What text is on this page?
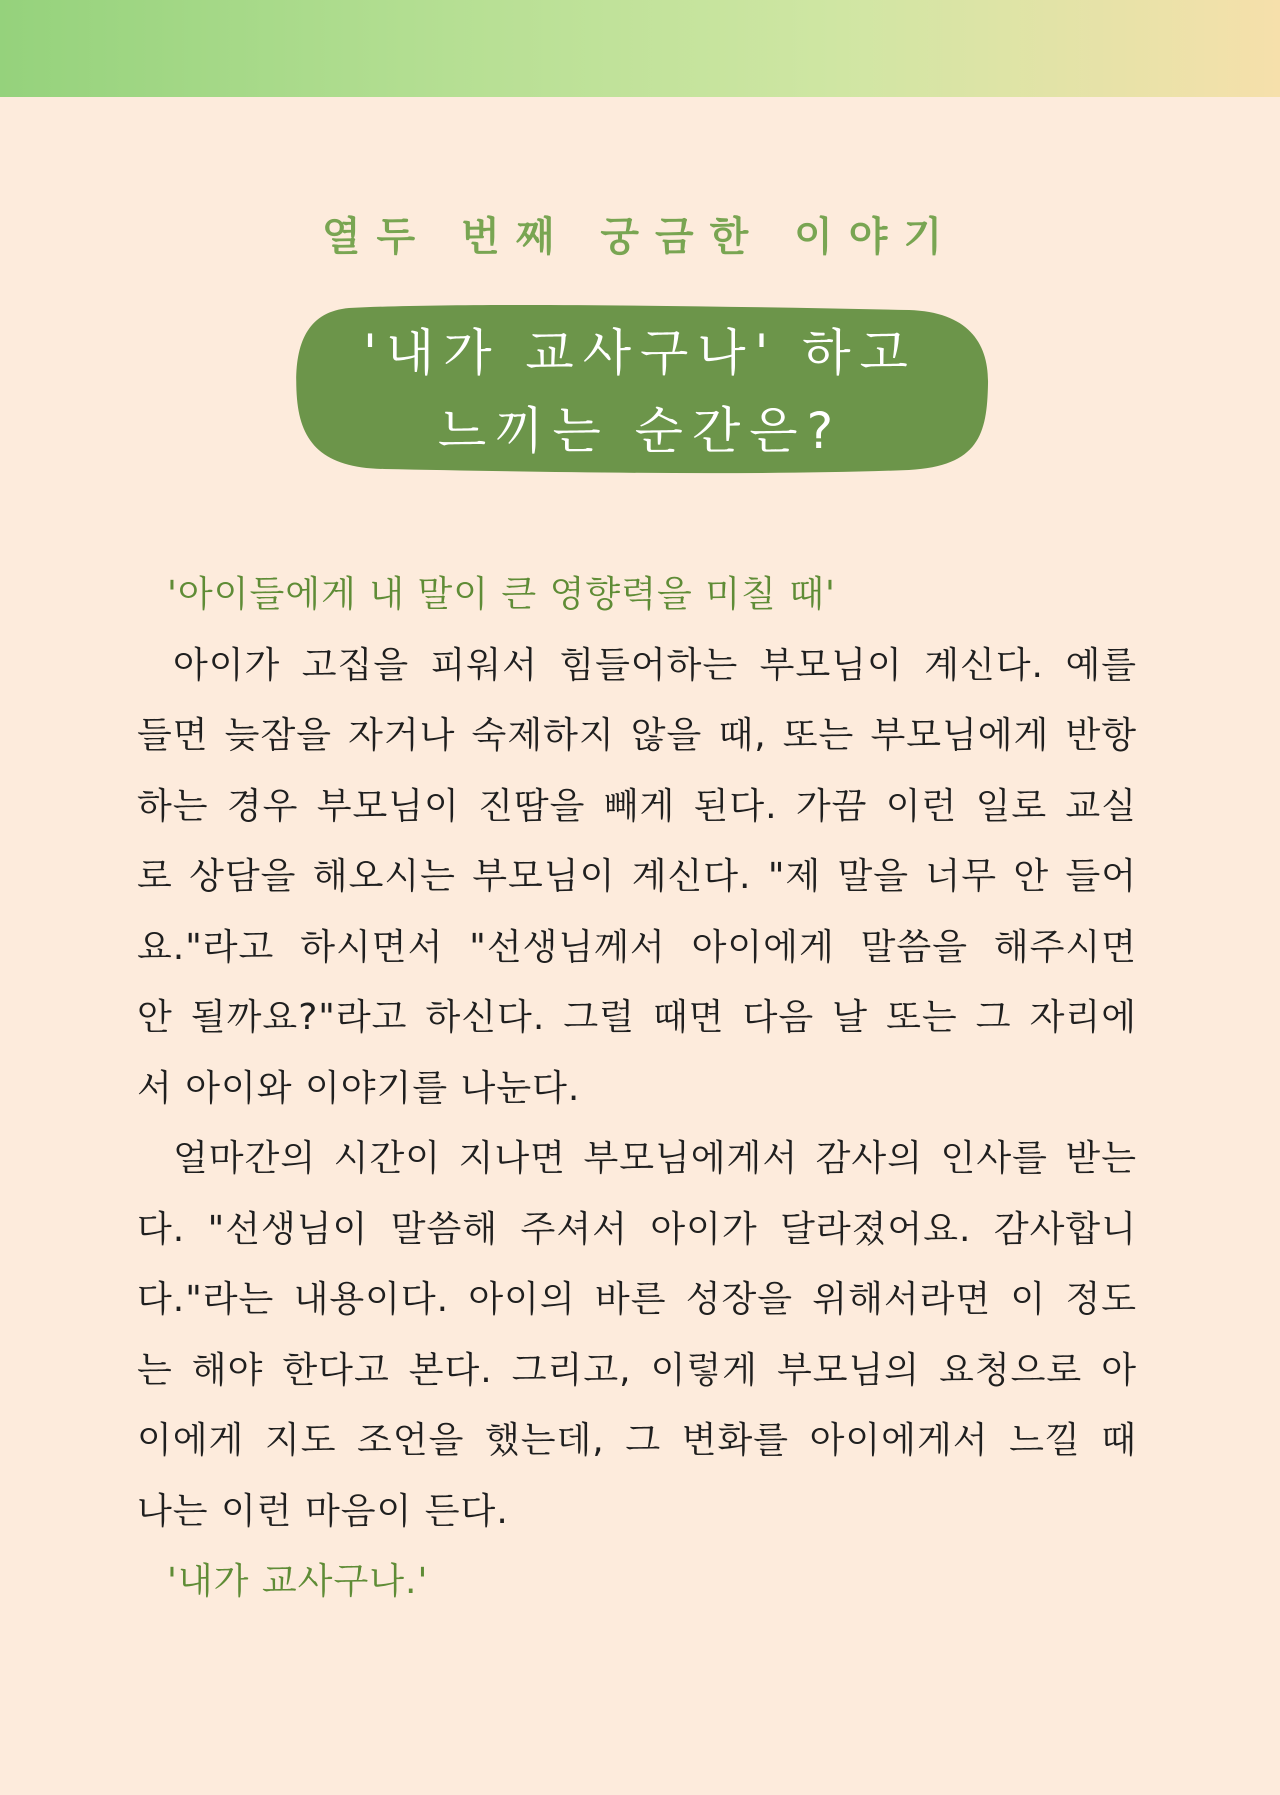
열두 번째 궁금한 이야기
'내가 교사구나' 하고
느끼는 순간은?
'아이들에게 내 말이 큰 영향력을 미칠 때'
아이가 고집을 피워서 힘들어하는 부모님이 계신다. 예를
들면 늦잠을 자거나 숙제하지 않을 때, 또는 부모님에게 반항
하는 경우 부모님이 진땀을 빼게 된다. 가끔 이런 일로 교실
로 상담을 해오시는 부모님이 계신다. "제 말을 너무 안 들어
요."라고 하시면서 "선생님께서 아이에게 말씀을 해주시면
안 될까요?"라고 하신다. 그럴 때면 다음 날 또는 그 자리에
서 아이와 이야기를 나눈다.
얼마간의 시간이 지나면 부모님에게서 감사의 인사를 받는
다. "선생님이 말씀해 주셔서 아이가 달라졌어요. 감사합니
다."라는 내용이다. 아이의 바른 성장을 위해서라면 이 정도
는 해야 한다고 본다. 그리고, 이렇게 부모님의 요청으로 아
이에게 지도 조언을 했는데, 그 변화를 아이에게서 느낄 때
나는 이런 마음이 든다.
'내가 교사구나.'
